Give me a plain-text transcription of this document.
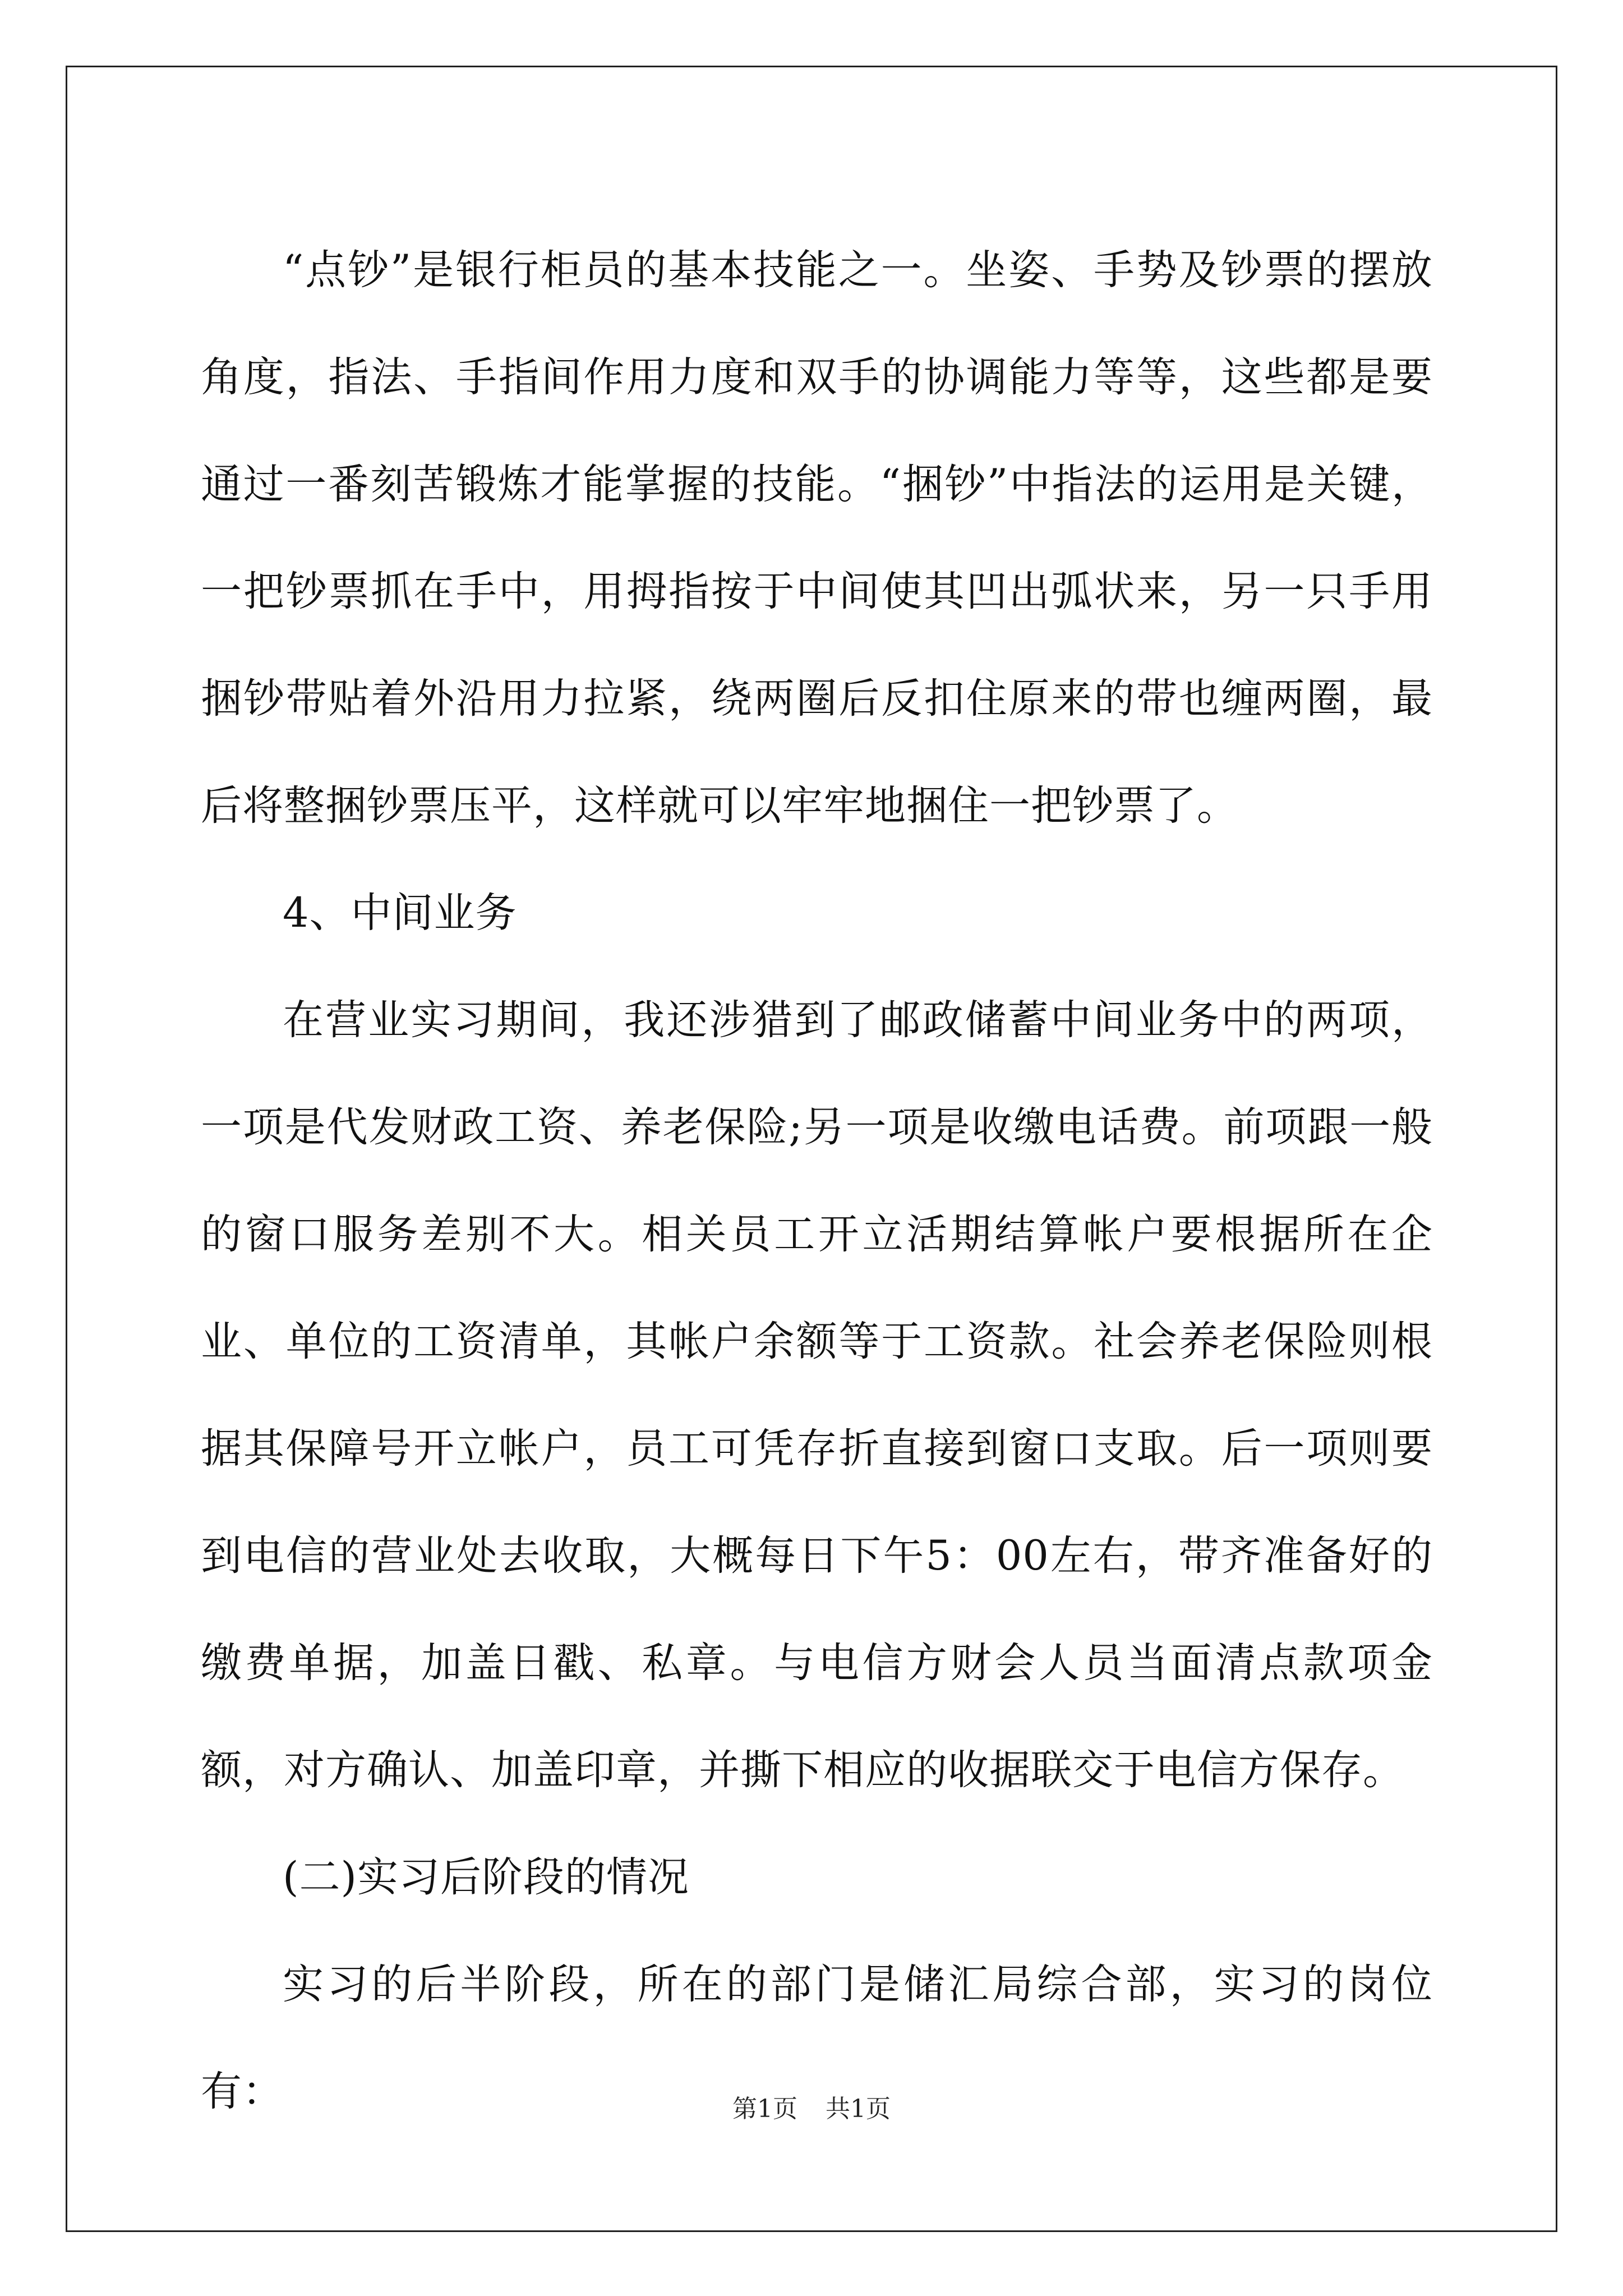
“点钞”是银行柜员的基本技能之一。坐姿、手势及钞票的摆放角度，指法、手指间作用力度和双手的协调能力等等，这些都是要通过一番刻苦锻炼才能掌握的技能。“捆钞”中指法的运用是关键，一把钞票抓在手中，用拇指按于中间使其凹出弧状来，另一只手用捆钞带贴着外沿用力拉紧，绕两圈后反扣住原来的带也缠两圈，最后将整捆钞票压平，这样就可以牢牢地捆住一把钞票了。

4、中间业务

在营业实习期间，我还涉猎到了邮政储蓄中间业务中的两项，一项是代发财政工资、养老保险;另一项是收缴电话费。前项跟一般的窗口服务差别不大。相关员工开立活期结算帐户要根据所在企业、单位的工资清单，其帐户余额等于工资款。社会养老保险则根据其保障号开立帐户，员工可凭存折直接到窗口支取。后一项则要到电信的营业处去收取，大概每日下午5：00左右，带齐准备好的缴费单据，加盖日戳、私章。与电信方财会人员当面清点款项金额，对方确认、加盖印章，并撕下相应的收据联交于电信方保存。

(二)实习后阶段的情况

实习的后半阶段，所在的部门是储汇局综合部，实习的岗位有：	第1页 共1页
